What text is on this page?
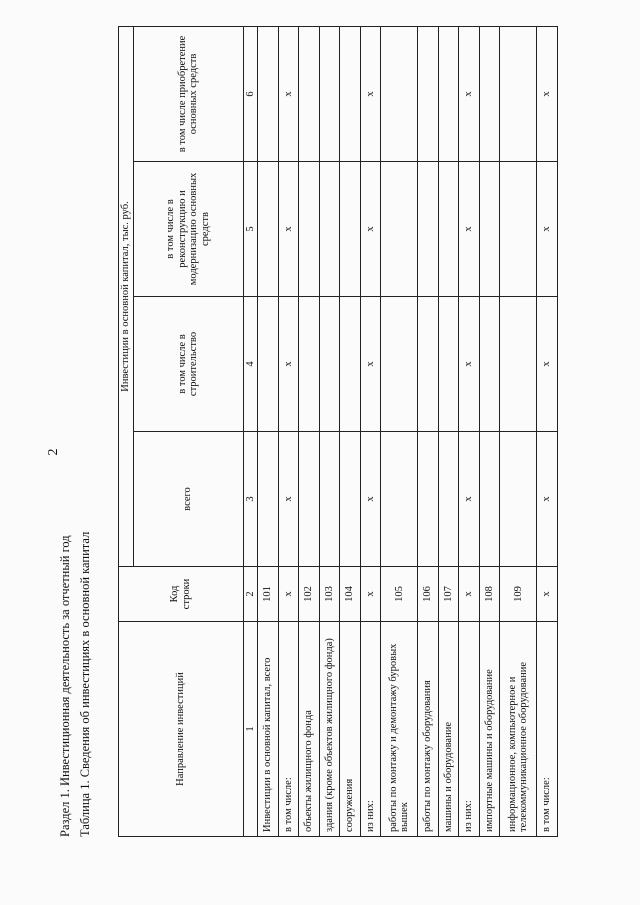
2
Раздел 1. Инвестиционная деятельность за отчетный год Таблица 1. Сведения об инвестициях в основной капитал	Направление инвестиций	Код строки	Инвестиции в основной капитал, тыс. руб.			
		всего	в том числе в строительство	в том числе в реконструкцию и модернизацию основных средств	в том числе приобретение основных средств
1	2	3	4	5	6
Инвестиции в основной капитал, всего	101				
в том числе:	х	х	х	х	х
объекты жилищного фонда	102				
здания (кроме объектов жилищного фонда)	103				
сооружения	104				
из них:	х	х	х	х	х
работы по монтажу и демонтажу буровых вышек	105				
работы по монтажу оборудования	106				
машины и оборудование	107				
из них:	х	х	х	х	х
импортные машины и оборудование	108				
информационное, компьютерное и телекоммуникационное оборудование	109				
в том числе:	х	х	х	х	х
